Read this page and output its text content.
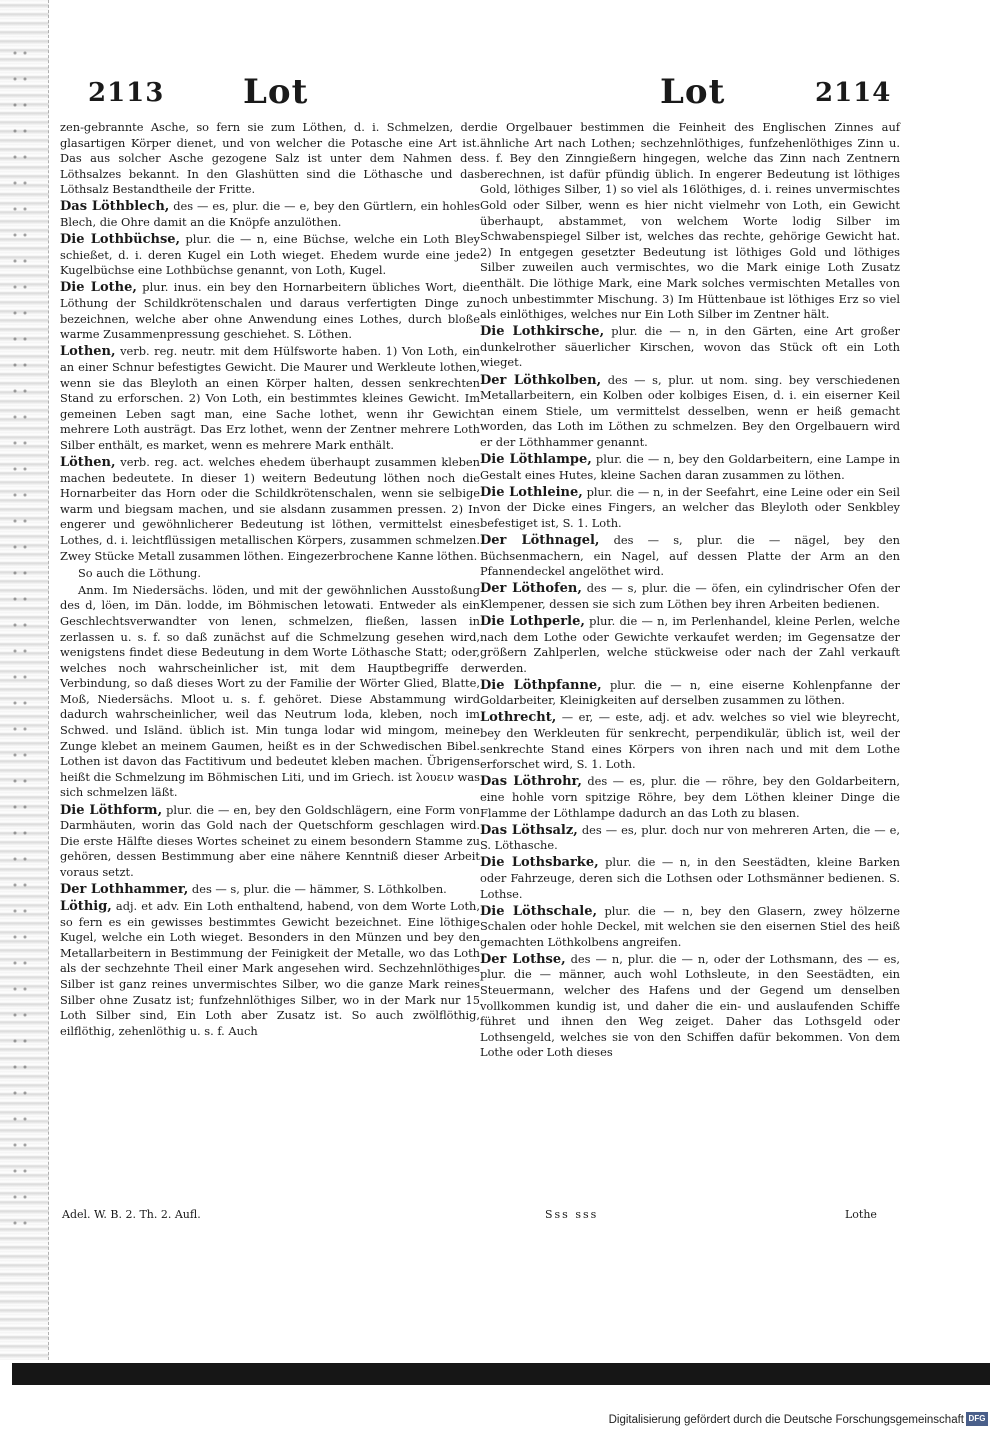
2113 Lot	Lot	2114

zen-gebrannte Asche, so fern sie zum Löthen, d. i. Schmelzen, der glasartigen Körper dienet, und von welcher die Potasche eine Art ist. Das aus solcher Asche gezogene Salz ist unter dem Nahmen des Löthsalzes bekannt. In den Glashütten sind die Löthasche und das Löthsalz Bestandtheile der Fritte.

Das Löthblech, des — es, plur. die — e, bey den Gürtlern, ein hohles Blech, die Ohre damit an die Knöpfe anzulöthen.

Die Lothbüchse, plur. die — n, eine Büchse, welche ein Loth Bley schießet, d. i. deren Kugel ein Loth wieget. Ehedem wurde eine jede Kugelbüchse eine Lothbüchse genannt, von Loth, Kugel.

Die Lothe, plur. inus. ein bey den Hornarbeitern übliches Wort, die Löthung der Schildkrötenschalen und daraus verfertigten Dinge zu bezeichnen, welche aber ohne Anwendung eines Lothes, durch bloße warme Zusammenpressung geschiehet. S. Löthen.

Lothen, verb. reg. neutr. mit dem Hülfsworte haben. 1) Von Loth, ein an einer Schnur befestigtes Gewicht. Die Maurer und Werkleute lothen, wenn sie das Bleyloth an einen Körper halten, dessen senkrechten Stand zu erforschen. 2) Von Loth, ein bestimmtes kleines Gewicht. Im gemeinen Leben sagt man, eine Sache lothet, wenn ihr Gewicht mehrere Loth austrägt. Das Erz lothet, wenn der Zentner mehrere Loth Silber enthält, es market, wenn es mehrere Mark enthält.

Löthen, verb. reg. act. welches ehedem überhaupt zusammen kleben machen bedeutete. In dieser 1) weitern Bedeutung löthen noch die Hornarbeiter das Horn oder die Schildkrötenschalen, wenn sie selbige warm und biegsam machen, und sie alsdann zusammen pressen. 2) In engerer und gewöhnlicherer Bedeutung ist löthen, vermittelst eines Lothes, d. i. leichtflüssigen metallischen Körpers, zusammen schmelzen. Zwey Stücke Metall zusammen löthen. Eingezerbrochene Kanne löthen.

So auch die Löthung.

Anm. Im Niedersächs. löden, und mit der gewöhnlichen Ausstoßung des d, löen, im Dän. lodde, im Böhmischen letowati. Entweder als ein Geschlechtsverwandter von lenen, schmelzen, fließen, lassen in zerlassen u. s. f. so daß zunächst auf die Schmelzung gesehen wird, wenigstens findet diese Bedeutung in dem Worte Löthasche Statt; oder, welches noch wahrscheinlicher ist, mit dem Hauptbegriffe der Verbindung, so daß dieses Wort zu der Familie der Wörter Glied, Blatte, Moß, Niedersächs. Mloot u. s. f. gehöret. Diese Abstammung wird dadurch wahrscheinlicher, weil das Neutrum loda, kleben, noch im Schwed. und Isländ. üblich ist. Min tunga lodar wid mingom, meine Zunge klebet an meinem Gaumen, heißt es in der Schwedischen Bibel. Lothen ist davon das Factitivum und bedeutet kleben machen. Übrigens heißt die Schmelzung im Böhmischen Liti, und im Griech. ist λουειν was sich schmelzen läßt.

Die Löthform, plur. die — en, bey den Goldschlägern, eine Form von Darmhäuten, worin das Gold nach der Quetschform geschlagen wird. Die erste Hälfte dieses Wortes scheinet zu einem besondern Stamme zu gehören, dessen Bestimmung aber eine nähere Kenntniß dieser Arbeit voraus setzt.

Der Lothhammer, des — s, plur. die — hämmer, S. Löthkolben.

Löthig, adj. et adv. Ein Loth enthaltend, habend, von dem Worte Loth, so fern es ein gewisses bestimmtes Gewicht bezeichnet. Eine löthige Kugel, welche ein Loth wieget. Besonders in den Münzen und bey den Metallarbeitern in Bestimmung der Feinigkeit der Metalle, wo das Loth als der sechzehnte Theil einer Mark angesehen wird. Sechzehnlöthiges Silber ist ganz reines unvermischtes Silber, wo die ganze Mark reines Silber ohne Zusatz ist; funfzehnlöthiges Silber, wo in der Mark nur 15 Loth Silber sind, Ein Loth aber Zusatz ist. So auch zwölflöthig, eilflöthig, zehenlöthig u. s. f. Auch

die Orgelbauer bestimmen die Feinheit des Englischen Zinnes auf ähnliche Art nach Lothen; sechzehnlöthiges, funfzehenlöthiges Zinn u. s. f. Bey den Zinngießern hingegen, welche das Zinn nach Zentnern berechnen, ist dafür pfündig üblich. In engerer Bedeutung ist löthiges Gold, löthiges Silber, 1) so viel als 16löthiges, d. i. reines unvermischtes Gold oder Silber, wenn es hier nicht vielmehr von Loth, ein Gewicht überhaupt, abstammet, von welchem Worte lodig Silber im Schwabenspiegel Silber ist, welches das rechte, gehörige Gewicht hat. 2) In entgegen gesetzter Bedeutung ist löthiges Gold und löthiges Silber zuweilen auch vermischtes, wo die Mark einige Loth Zusatz enthält. Die löthige Mark, eine Mark solches vermischten Metalles von noch unbestimmter Mischung. 3) Im Hüttenbaue ist löthiges Erz so viel als einlöthiges, welches nur Ein Loth Silber im Zentner hält.

Die Lothkirsche, plur. die — n, in den Gärten, eine Art großer dunkelrother säuerlicher Kirschen, wovon das Stück oft ein Loth wieget.

Der Löthkolben, des — s, plur. ut nom. sing. bey verschiedenen Metallarbeitern, ein Kolben oder kolbiges Eisen, d. i. ein eiserner Keil an einem Stiele, um vermittelst desselben, wenn er heiß gemacht worden, das Loth im Löthen zu schmelzen. Bey den Orgelbauern wird er der Löthhammer genannt.

Die Löthlampe, plur. die — n, bey den Goldarbeitern, eine Lampe in Gestalt eines Hutes, kleine Sachen daran zusammen zu löthen.

Die Lothleine, plur. die — n, in der Seefahrt, eine Leine oder ein Seil von der Dicke eines Fingers, an welcher das Bleyloth oder Senkbley befestiget ist, S. 1. Loth.

Der Löthnagel, des — s, plur. die — nägel, bey den Büchsenmachern, ein Nagel, auf dessen Platte der Arm an den Pfannendeckel angelöthet wird.

Der Löthofen, des — s, plur. die — öfen, ein cylindrischer Ofen der Klempener, dessen sie sich zum Löthen bey ihren Arbeiten bedienen.

Die Lothperle, plur. die — n, im Perlenhandel, kleine Perlen, welche nach dem Lothe oder Gewichte verkaufet werden; im Gegensatze der größern Zahlperlen, welche stückweise oder nach der Zahl verkauft werden.

Die Löthpfanne, plur. die — n, eine eiserne Kohlenpfanne der Goldarbeiter, Kleinigkeiten auf derselben zusammen zu löthen.

Lothrecht, — er, — este, adj. et adv. welches so viel wie bleyrecht, bey den Werkleuten für senkrecht, perpendikulär, üblich ist, weil der senkrechte Stand eines Körpers von ihren nach und mit dem Lothe erforschet wird, S. 1. Loth.

Das Löthrohr, des — es, plur. die — röhre, bey den Goldarbeitern, eine hohle vorn spitzige Röhre, bey dem Löthen kleiner Dinge die Flamme der Löthlampe dadurch an das Loth zu blasen.

Das Löthsalz, des — es, plur. doch nur von mehreren Arten, die — e, S. Löthasche.

Die Lothsbarke, plur. die — n, in den Seestädten, kleine Barken oder Fahrzeuge, deren sich die Lothsen oder Lothsmänner bedienen. S. Lothse.

Die Löthschale, plur. die — n, bey den Glasern, zwey hölzerne Schalen oder hohle Deckel, mit welchen sie den eisernen Stiel des heiß gemachten Löthkolbens angreifen.

Der Lothse, des — n, plur. die — n, oder der Lothsmann, des — es, plur. die — männer, auch wohl Lothsleute, in den Seestädten, ein Steuermann, welcher des Hafens und der Gegend um denselben vollkommen kundig ist, und daher die ein- und auslaufenden Schiffe führet und ihnen den Weg zeiget. Daher das Lothsgeld oder Lothsengeld, welches sie von den Schiffen dafür bekommen. Von dem Lothe oder Loth dieses

Adel. W. B. 2. Th. 2. Aufl.	Sss sss	Lothe
Digitalisierung gefördert durch die Deutsche Forschungsgemeinschaft DFG
